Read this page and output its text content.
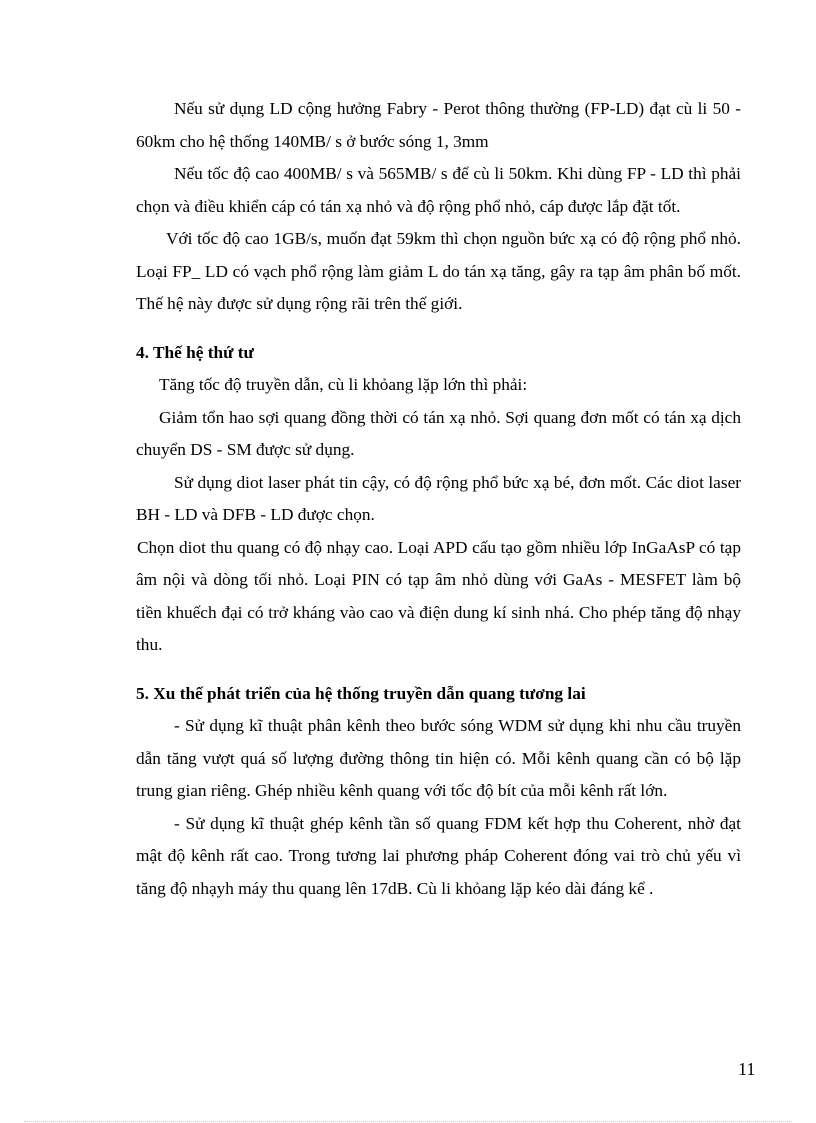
Nếu sử dụng LD cộng hưởng Fabry - Perot thông thường (FP-LD) đạt cù li 50 - 60km cho hệ thống 140MB/ s ở bước sóng 1, 3mm

Nếu tốc độ cao 400MB/ s và 565MB/ s để cù li 50km. Khi dùng FP - LD thì phải chọn và điều khiển cáp có tán xạ nhỏ và độ rộng phổ nhỏ, cáp được lắp đặt tốt.

Với tốc độ cao 1GB/s, muốn đạt 59km thì chọn nguồn bức xạ có độ rộng phổ nhỏ. Loại FP_ LD có vạch phổ rộng làm giảm L do tán xạ tăng, gây ra tạp âm phân bố mốt. Thế hệ này được sử dụng rộng rãi trên thế giới.

4. Thế hệ thứ tư

Tăng tốc độ truyền dẫn, cù li khỏang lặp lớn thì phải:

Giảm tổn hao sợi quang đồng thời có tán xạ nhỏ. Sợi quang đơn mốt có tán xạ dịch chuyển DS - SM được sử dụng.

Sử dụng diot laser phát tin cậy, có độ rộng phổ bức xạ bé, đơn mốt. Các diot laser BH - LD và DFB - LD được chọn.

Chọn diot thu quang có độ nhạy cao. Loại APD cấu tạo gồm nhiều lớp InGaAsP có tạp âm nội và dòng tối nhỏ. Loại PIN có tạp âm nhỏ dùng với GaAs - MESFET làm bộ tiền khuếch đại có trở kháng vào cao và điện dung kí sinh nhá. Cho phép tăng độ nhạy thu.

5. Xu thế phát triển của hệ thống truyền dẫn quang tương lai

- Sử dụng kĩ thuật phân kênh theo bước sóng WDM sử dụng khi nhu cầu truyền dẫn tăng vượt quá số lượng đường thông tin hiện có. Mỗi kênh quang cần có bộ lặp trung gian riêng. Ghép nhiều kênh quang với tốc độ bít của mỗi kênh rất lớn.

- Sử dụng kĩ thuật ghép kênh tần số quang FDM kết hợp thu Coherent, nhờ đạt mật độ kênh rất cao. Trong tương lai phương pháp Coherent đóng vai trò chủ yếu vì tăng độ nhạyh máy thu quang lên 17dB. Cù li khỏang lặp kéo dài đáng kể .

11
